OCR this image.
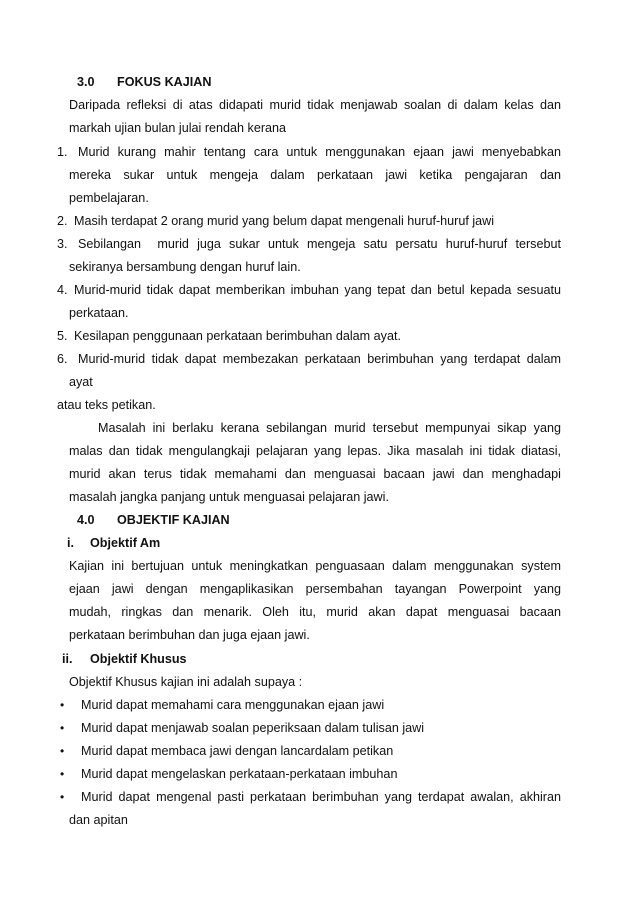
3.0 FOKUS KAJIAN
Daripada refleksi di atas didapati murid tidak menjawab soalan di dalam kelas dan
markah ujian bulan julai rendah kerana
1. Murid kurang mahir tentang cara untuk menggunakan ejaan jawi menyebabkan
mereka sukar untuk mengeja dalam perkataan jawi ketika pengajaran dan
pembelajaran.
2. Masih terdapat 2 orang murid yang belum dapat mengenali huruf-huruf jawi
3. Sebilangan  murid juga sukar untuk mengeja satu persatu huruf-huruf tersebut
sekiranya bersambung dengan huruf lain.
4. Murid-murid tidak dapat memberikan imbuhan yang tepat dan betul kepada sesuatu
perkataan.
5. Kesilapan penggunaan perkataan berimbuhan dalam ayat.
6. Murid-murid tidak dapat membezakan perkataan berimbuhan yang terdapat dalam
ayat
atau teks petikan.
Masalah ini berlaku kerana sebilangan murid tersebut mempunyai sikap yang
malas dan tidak mengulangkaji pelajaran yang lepas. Jika masalah ini tidak diatasi,
murid akan terus tidak memahami dan menguasai bacaan jawi dan menghadapi
masalah jangka panjang untuk menguasai pelajaran jawi.
4.0 OBJEKTIF KAJIAN
i. Objektif Am
Kajian ini bertujuan untuk meningkatkan penguasaan dalam menggunakan system
ejaan jawi dengan mengaplikasikan persembahan tayangan Powerpoint yang
mudah, ringkas dan menarik. Oleh itu, murid akan dapat menguasai bacaan
perkataan berimbuhan dan juga ejaan jawi.
ii. Objektif Khusus
Objektif Khusus kajian ini adalah supaya :
• Murid dapat memahami cara menggunakan ejaan jawi
• Murid dapat menjawab soalan peperiksaan dalam tulisan jawi
• Murid dapat membaca jawi dengan lancardalam petikan
• Murid dapat mengelaskan perkataan-perkataan imbuhan
• Murid dapat mengenal pasti perkataan berimbuhan yang terdapat awalan, akhiran
dan apitan
